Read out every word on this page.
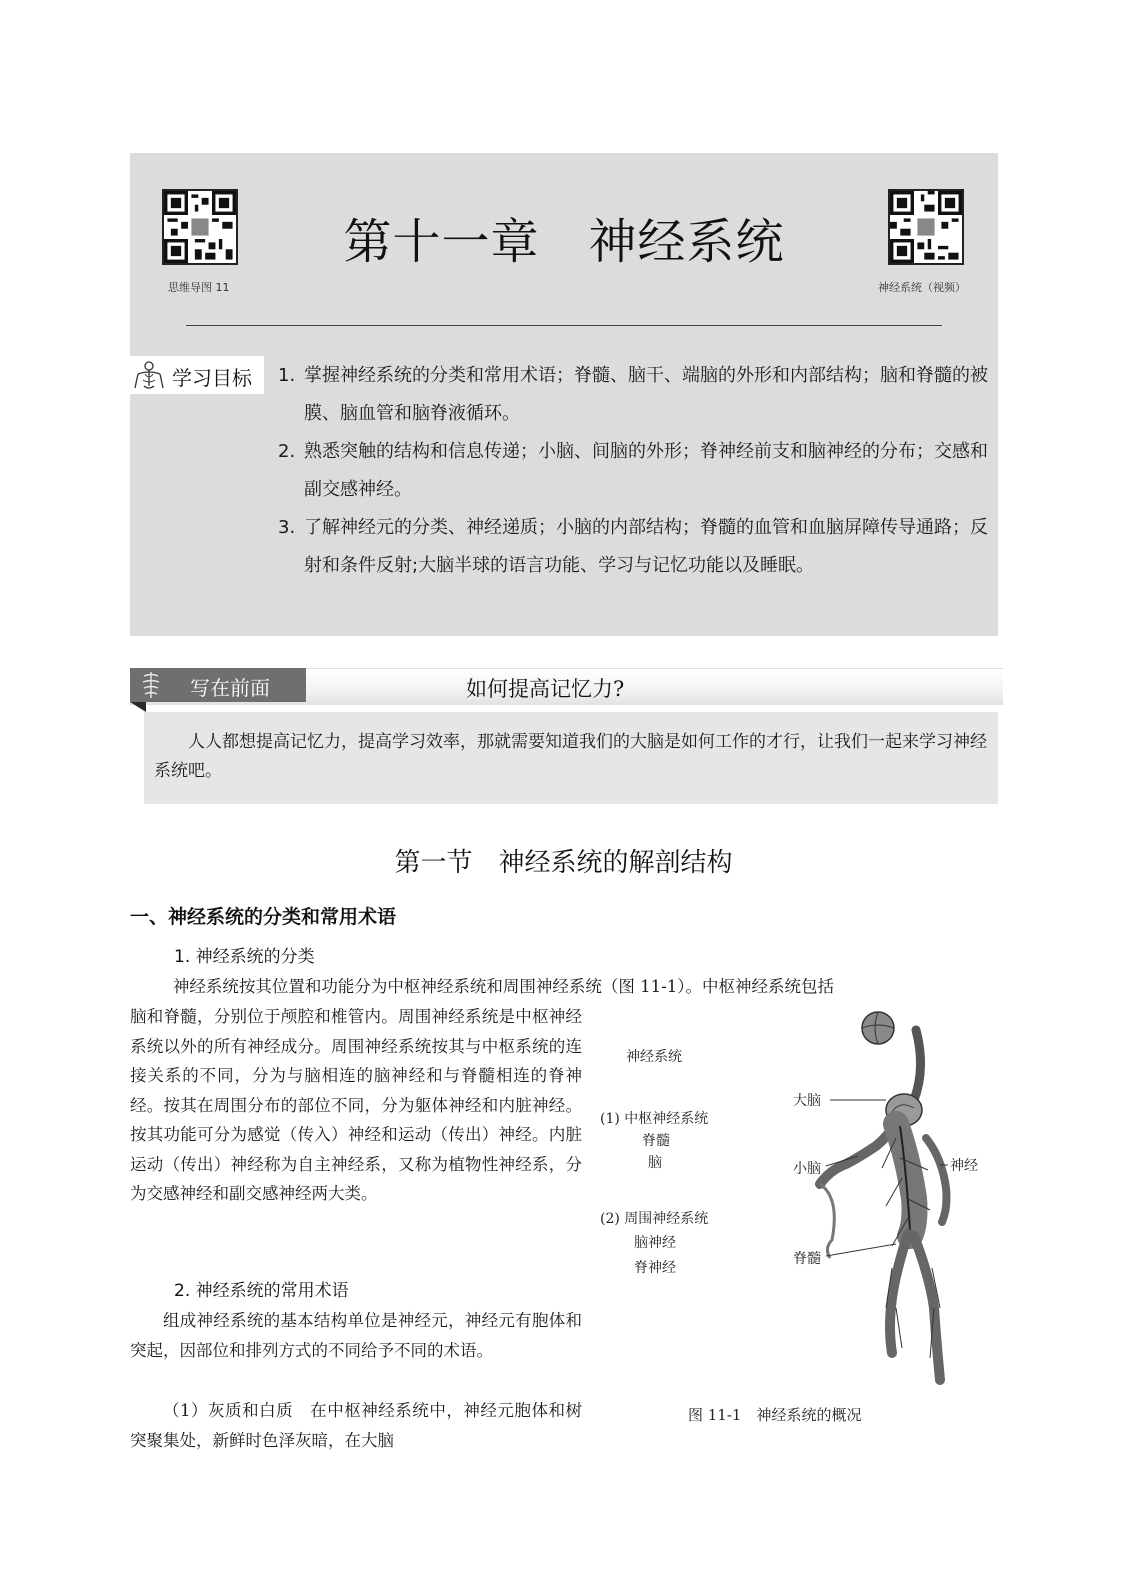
思维导图 11
第十一章　神经系统
神经系统（视频）
学习目标 1. 掌握神经系统的分类和常用术语；脊髓、脑干、端脑的外形和内部结构；脑和脊髓的被膜、脑血管和脑脊液循环。
2. 熟悉突触的结构和信息传递；小脑、间脑的外形；脊神经前支和脑神经的分布；交感和副交感神经。
3. 了解神经元的分类、神经递质；小脑的内部结构；脊髓的血管和血脑屏障传导通路；反射和条件反射;大脑半球的语言功能、学习与记忆功能以及睡眠。
写在前面	如何提高记忆力?

人人都想提高记忆力，提高学习效率，那就需要知道我们的大脑是如何工作的才行，让我们一起来学习神经系统吧。

第一节　神经系统的解剖结构
一、神经系统的分类和常用术语
1. 神经系统的分类

神经系统按其位置和功能分为中枢神经系统和周围神经系统（图 11-1）。中枢神经系统包括

脑和脊髓，分别位于颅腔和椎管内。周围神经系统是中枢神经系统以外的所有神经成分。周围神经系统按其与中枢系统的连接关系的不同，分为与脑相连的脑神经和与脊髓相连的脊神经。按其在周围分布的部位不同，分为躯体神经和内脏神经。按其功能可分为感觉（传入）神经和运动（传出）神经。内脏运动（传出）神经称为自主神经系，又称为植物性神经系，分为交感神经和副交感神经两大类。

2. 神经系统的常用术语

组成神经系统的基本结构单位是神经元，神经元有胞体和突起，因部位和排列方式的不同给予不同的术语。

（1）灰质和白质　在中枢神经系统中，神经元胞体和树突聚集处，新鲜时色泽灰暗，在大脑

神经系统
(1) 中枢神经系统
脊髓
脑
(2) 周围神经系统
脑神经
脊神经
大脑
小脑
脊髓
神经
图 11-1　神经系统的概况
